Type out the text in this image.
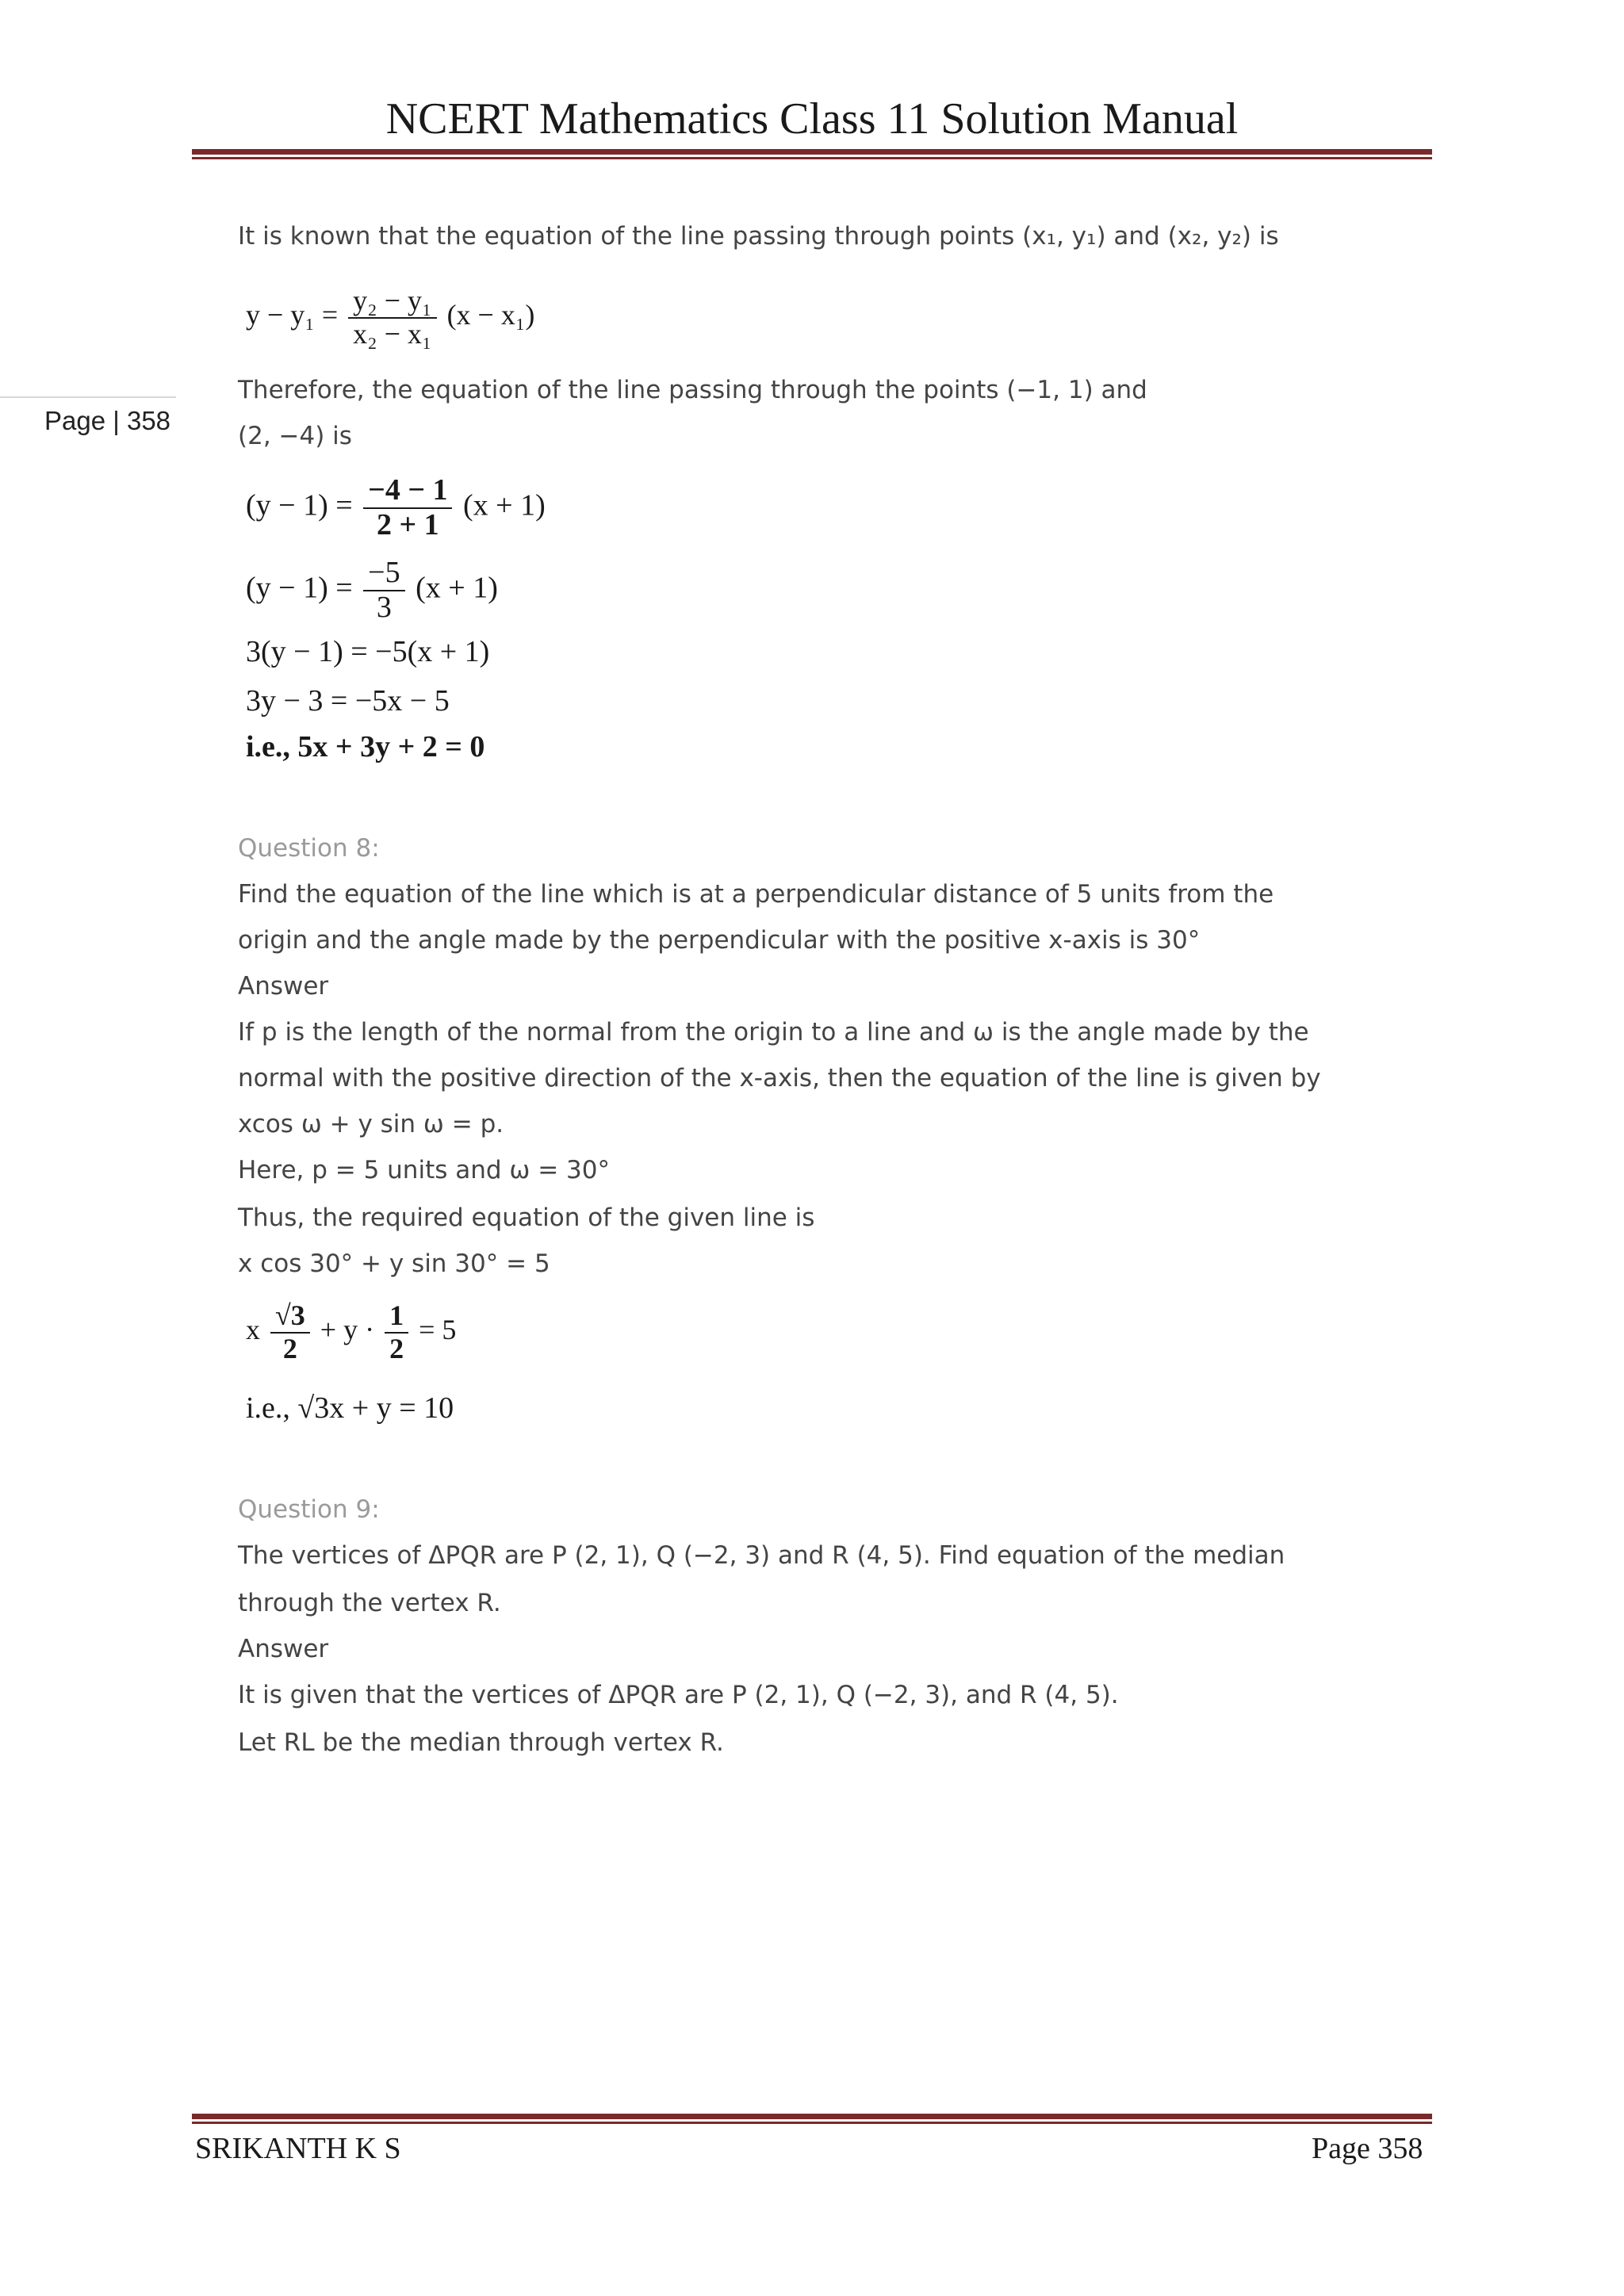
NCERT Mathematics Class 11 Solution Manual
Page | 358
It is known that the equation of the line passing through points (x₁, y₁) and (x₂, y₂) is
$y - y_1 = \frac{\text{y₂ − y₁}}{\text{x₂ − x₁}} (x - x_1)$
Therefore, the equation of the line passing through the points (−1, 1) and
(2, −4) is
$(y - 1) = \frac{-4 - 1}{2 + 1} (x + 1)$
$(y - 1) = \frac{-5}{3} (x + 1)$
3(y − 1) = −5(x + 1)
3y − 3 = −5x − 5
i.e., 5x + 3y + 2 = 0
Question 8:
Find the equation of the line which is at a perpendicular distance of 5 units from the
origin and the angle made by the perpendicular with the positive x-axis is 30°
Answer
If p is the length of the normal from the origin to a line and ω is the angle made by the
normal with the positive direction of the x-axis, then the equation of the line is given by
xcos ω + y sin ω = p.
Here, p = 5 units and ω = 30°
Thus, the required equation of the given line is
x cos 30° + y sin 30° = 5
x $\frac{√3}{2} + y \cdot \frac{1}{2} = 5$
i.e., √3x + y = 10
Question 9:
The vertices of ΔPQR are P (2, 1), Q (−2, 3) and R (4, 5). Find equation of the median
through the vertex R.
Answer
It is given that the vertices of ΔPQR are P (2, 1), Q (−2, 3), and R (4, 5).
Let RL be the median through vertex R.
SRIKANTH K S	Page 358
